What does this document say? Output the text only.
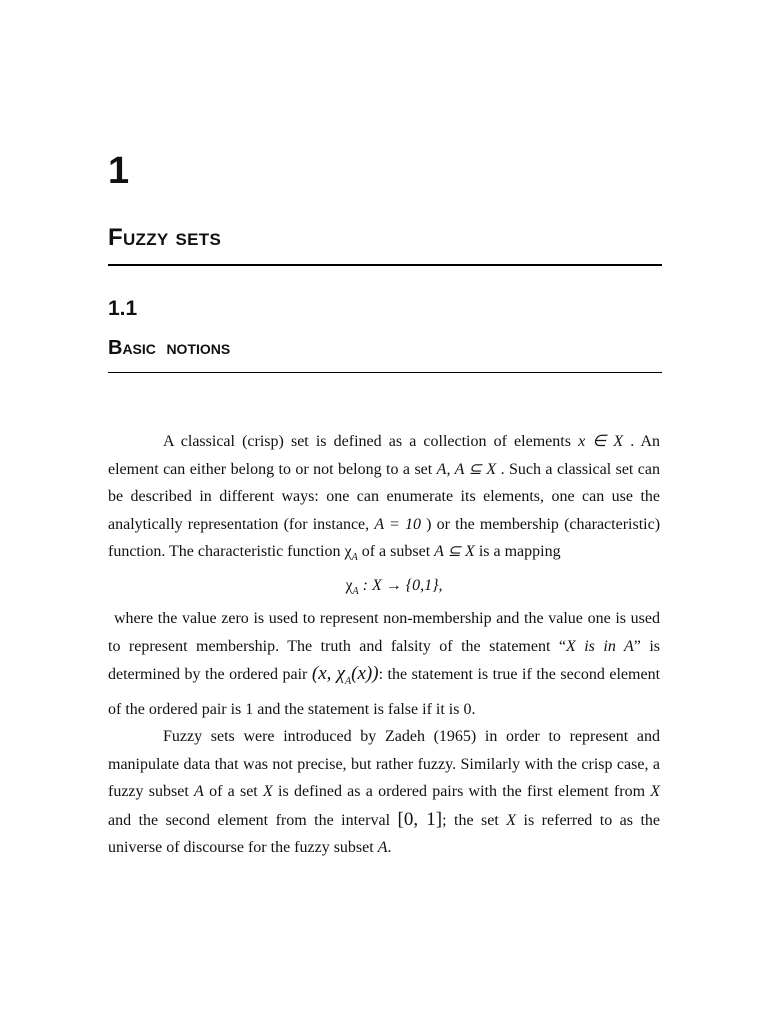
1
Fuzzy sets
1.1
Basic notions

A classical (crisp) set is defined as a collection of elements x ∈ X . An element can either belong to or not belong to a set A, A ⊆ X . Such a classical set can be described in different ways: one can enumerate its elements, one can use the analytically representation (for instance, A = 10 ) or the membership (characteristic) function. The characteristic function $\chi_A$ of a subset A ⊆ X is a mapping

$\chi_A$ : X → {0,1},

where the value zero is used to represent non-membership and the value one is used to represent membership. The truth and falsity of the statement “X is in A” is determined by the ordered pair (x, $\chi_A(x)$): the statement is true if the second element of the ordered pair is 1 and the statement is false if it is 0.

Fuzzy sets were introduced by Zadeh (1965) in order to represent and manipulate data that was not precise, but rather fuzzy. Similarly with the crisp case, a fuzzy subset A of a set X is defined as a ordered pairs with the first element from X and the second element from the interval [0, 1]; the set X is referred to as the universe of discourse for the fuzzy subset A.
